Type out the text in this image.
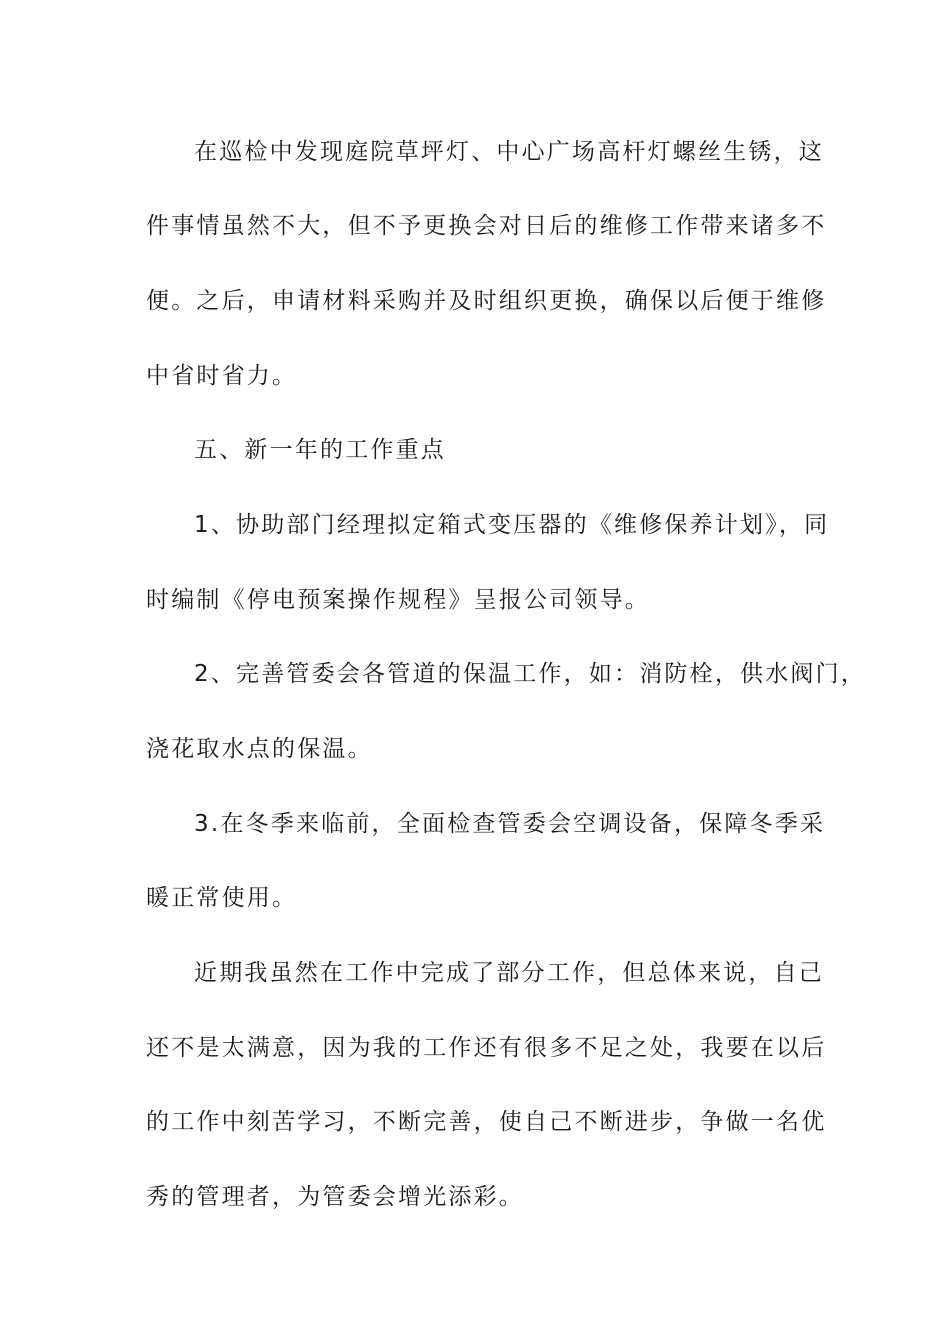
在巡检中发现庭院草坪灯、中心广场高杆灯螺丝生锈，这
件事情虽然不大，但不予更换会对日后的维修工作带来诸多不
便。之后，申请材料采购并及时组织更换，确保以后便于维修
中省时省力。
五、新一年的工作重点
1、协助部门经理拟定箱式变压器的《维修保养计划》，同
时编制《停电预案操作规程》呈报公司领导。
2、完善管委会各管道的保温工作，如：消防栓，供水阀门，
浇花取水点的保温。
3.在冬季来临前，全面检查管委会空调设备，保障冬季采
暖正常使用。
近期我虽然在工作中完成了部分工作，但总体来说，自己
还不是太满意，因为我的工作还有很多不足之处，我要在以后
的工作中刻苦学习，不断完善，使自己不断进步，争做一名优
秀的管理者，为管委会增光添彩。
